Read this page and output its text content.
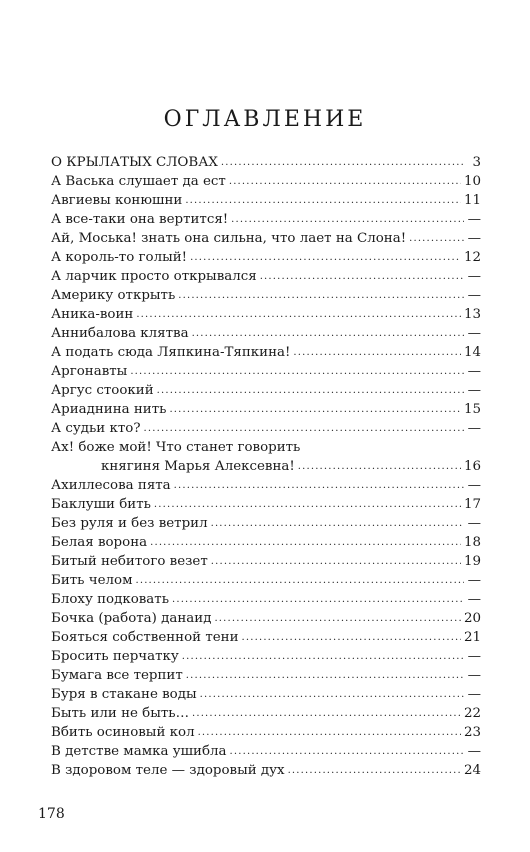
ОГЛАВЛЕНИЕ
О КРЫЛАТЫХ СЛОВАХ . . .	3
А Васька слушает да ест . . .	10
Авгиевы конюшни . . .	11
А все-таки она вертится! . . .	—
Ай, Моська! знать она сильна, что лает на Слона! . . .	—
А король-то голый! . . .	12
А ларчик просто открывался . . .	—
Америку открыть . . .	—
Аника-воин . . .	13
Аннибалова клятва . . .	—
А подать сюда Ляпкина-Тяпкина! . . .	14
Аргонавты . . .	—
Аргус стоокий . . .	—
Ариаднина нить . . .	15
А судьи кто? . . .	—
Ах! боже мой! Что станет говорить
княгиня Марья Алексевна! . . .	16
Ахиллесова пята . . .	—
Баклуши бить . . .	17
Без руля и без ветрил . . .	—
Белая ворона . . .	18
Битый небитого везет . . .	19
Бить челом . . .	—
Блоху подковать . . .	—
Бочка (работа) данаид . . .	20
Бояться собственной тени . . .	21
Бросить перчатку . . .	—
Бумага все терпит . . .	—
Буря в стакане воды . . .	—
Быть или не быть… . . .	22
Вбить осиновый кол . . .	23
В детстве мамка ушибла . . .	—
В здоровом теле — здоровый дух . . .	24
178
